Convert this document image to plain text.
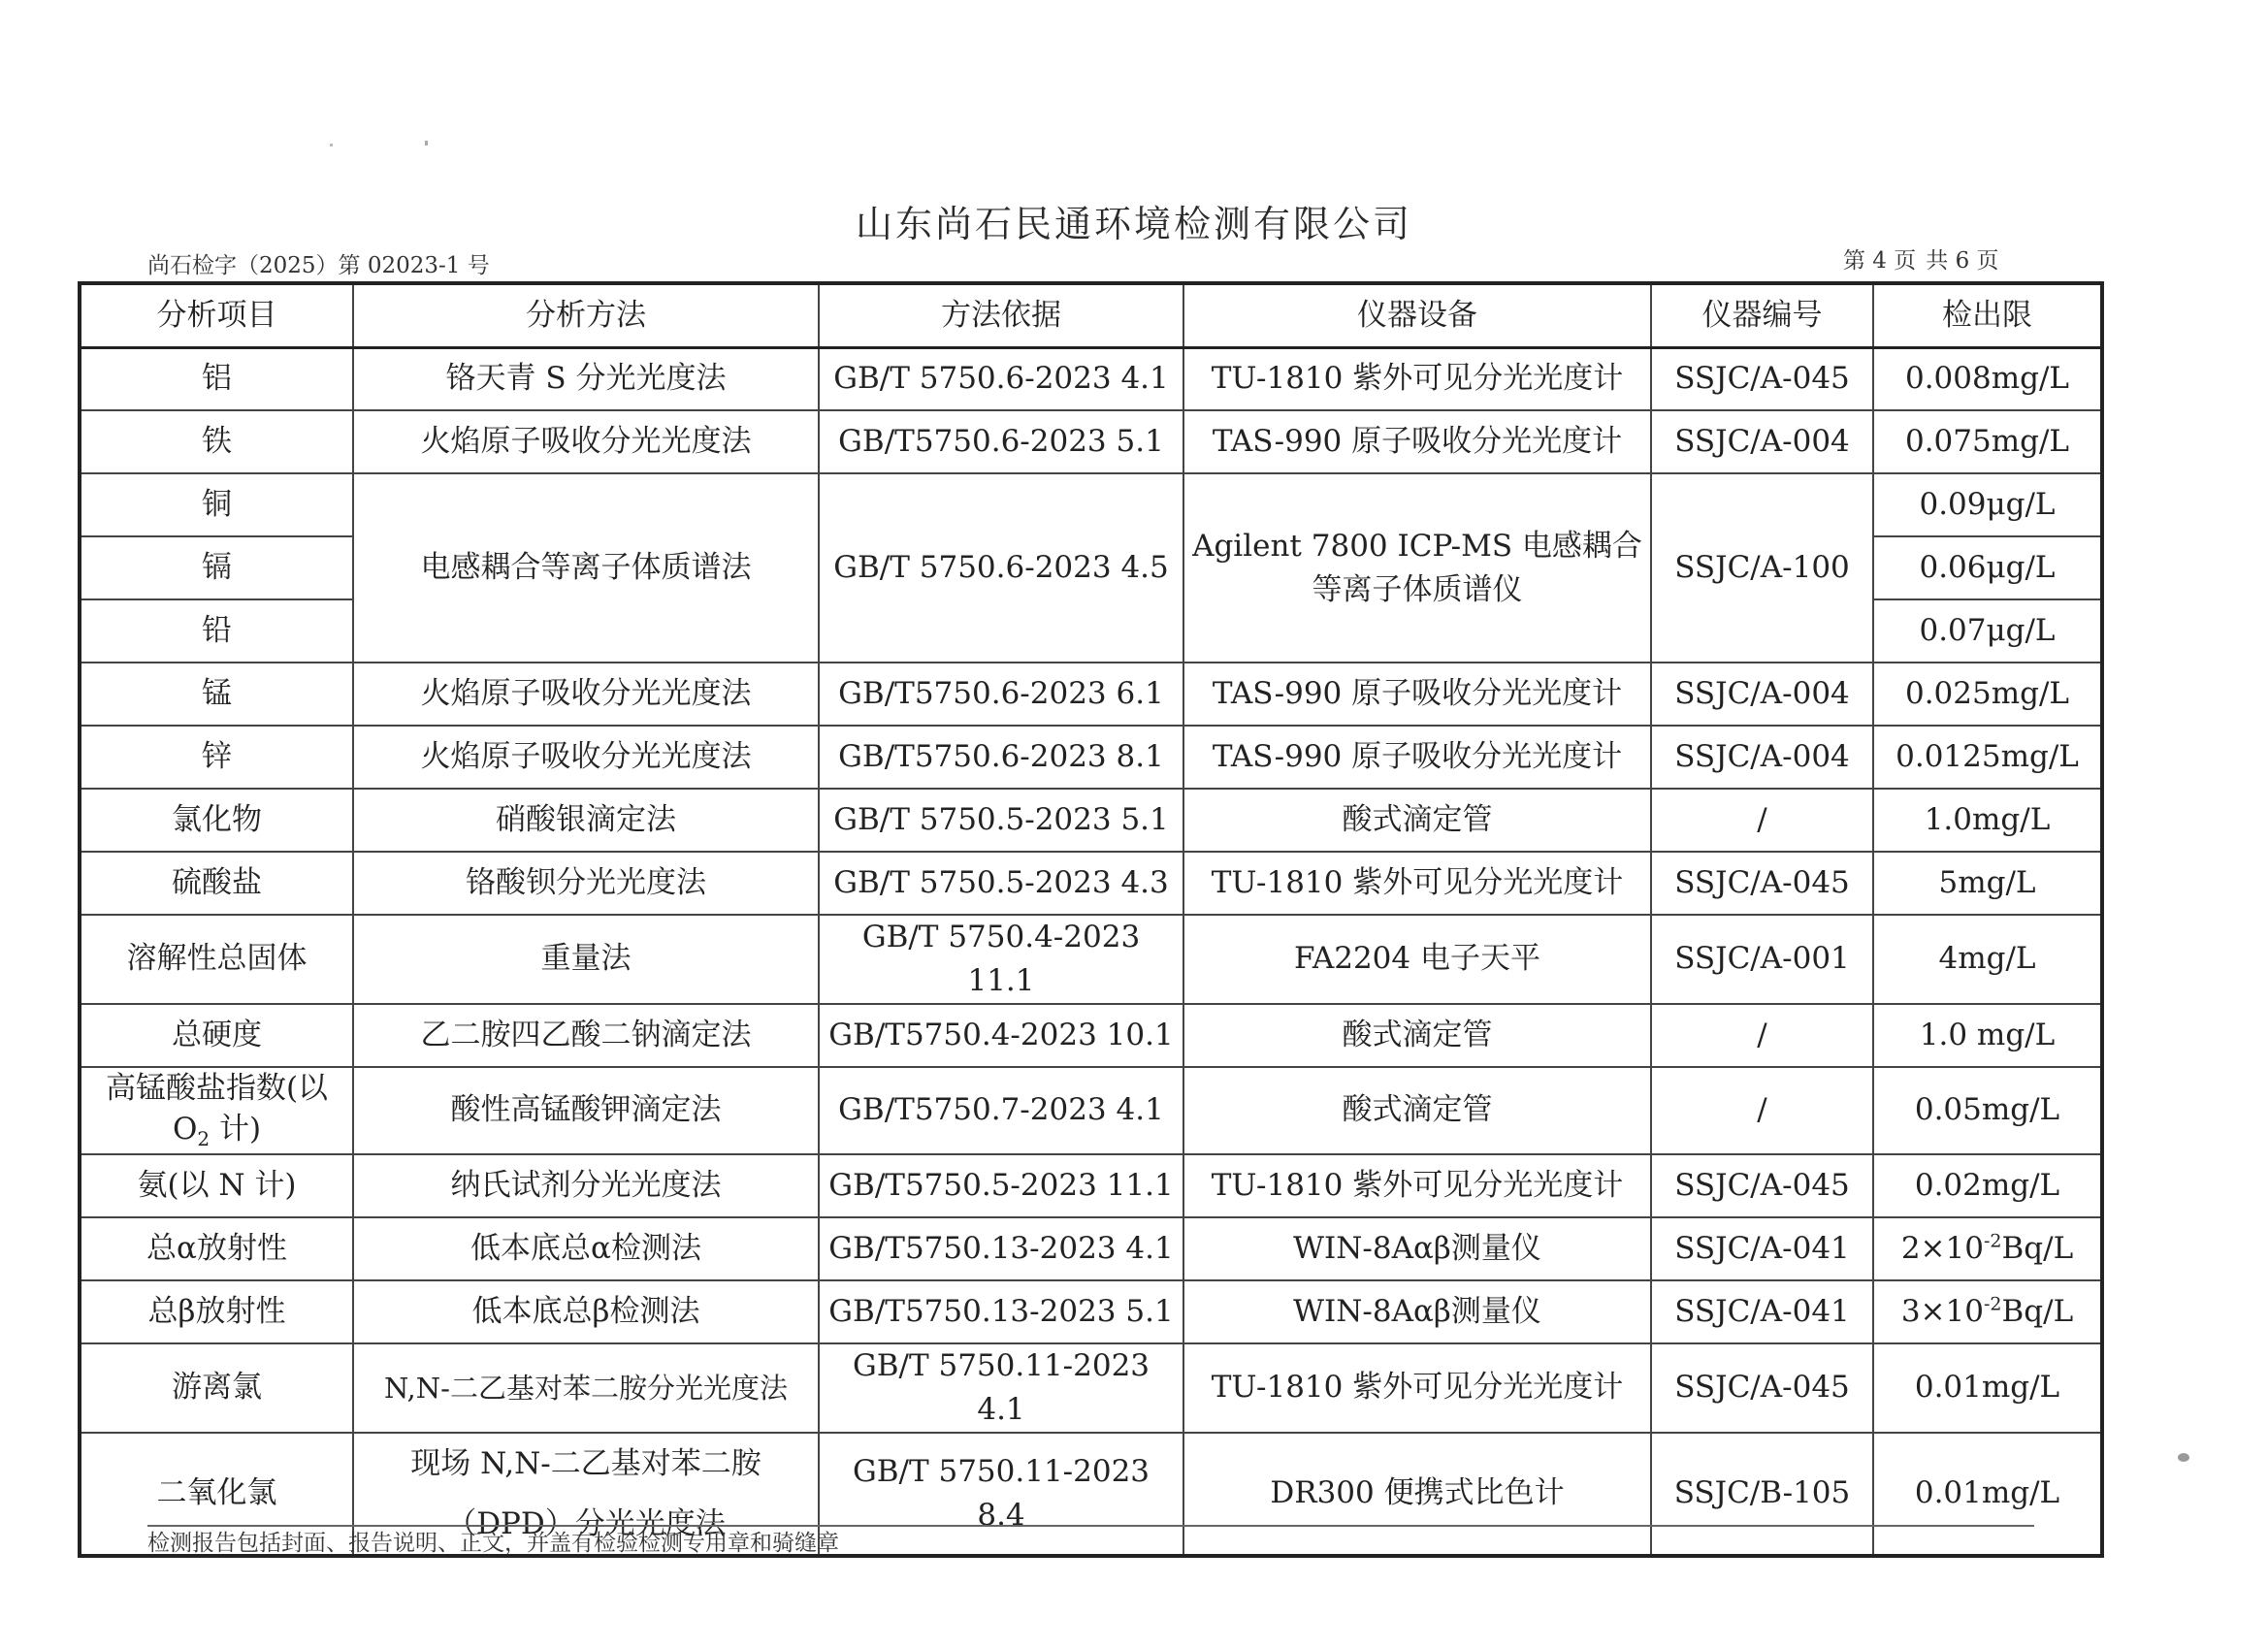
山东尚石民通环境检测有限公司
尚石检字（2025）第 02023-1 号	第 4 页 共 6 页
分析项目	分析方法	方法依据	仪器设备	仪器编号	检出限
铝	铬天青 S 分光光度法	GB/T 5750.6-2023 4.1	TU-1810 紫外可见分光光度计	SSJC/A-045	0.008mg/L
铁	火焰原子吸收分光光度法	GB/T5750.6-2023 5.1	TAS-990 原子吸收分光光度计	SSJC/A-004	0.075mg/L
铜	电感耦合等离子体质谱法	GB/T 5750.6-2023 4.5	Agilent 7800 ICP-MS 电感耦合等离子体质谱仪	SSJC/A-100	0.09μg/L
镉					0.06μg/L
铅					0.07μg/L
锰	火焰原子吸收分光光度法	GB/T5750.6-2023 6.1	TAS-990 原子吸收分光光度计	SSJC/A-004	0.025mg/L
锌	火焰原子吸收分光光度法	GB/T5750.6-2023 8.1	TAS-990 原子吸收分光光度计	SSJC/A-004	0.0125mg/L
氯化物	硝酸银滴定法	GB/T 5750.5-2023 5.1	酸式滴定管	/	1.0mg/L
硫酸盐	铬酸钡分光光度法	GB/T 5750.5-2023 4.3	TU-1810 紫外可见分光光度计	SSJC/A-045	5mg/L
溶解性总固体	重量法	GB/T 5750.4-2023 11.1	FA2204 电子天平	SSJC/A-001	4mg/L
总硬度	乙二胺四乙酸二钠滴定法	GB/T5750.4-2023 10.1	酸式滴定管	/	1.0 mg/L
高锰酸盐指数(以
$O_2$ 计)	酸性高锰酸钾滴定法	GB/T5750.7-2023 4.1	酸式滴定管	/	0.05mg/L
氨(以 N 计)	纳氏试剂分光光度法	GB/T5750.5-2023 11.1	TU-1810 紫外可见分光光度计	SSJC/A-045	0.02mg/L
总α放射性	低本底总α检测法	GB/T5750.13-2023 4.1	WIN-8Aαβ测量仪	SSJC/A-041	$2\times 10^{-2}Bq/L$
总β放射性	低本底总β检测法	GB/T5750.13-2023 5.1	WIN-8Aαβ测量仪	SSJC/A-041	$3\times 10^{-2}Bq/L$
游离氯	N,N-二乙基对苯二胺分光光度法	GB/T 5750.11-2023 4.1	TU-1810 紫外可见分光光度计	SSJC/A-045	0.01mg/L
二氧化氯	现场 N,N-二乙基对苯二胺
（DPD）分光光度法	GB/T 5750.11-2023 8.4	DR300 便携式比色计	SSJC/B-105	0.01mg/L
检测报告包括封面、报告说明、正文，并盖有检验检测专用章和骑缝章
